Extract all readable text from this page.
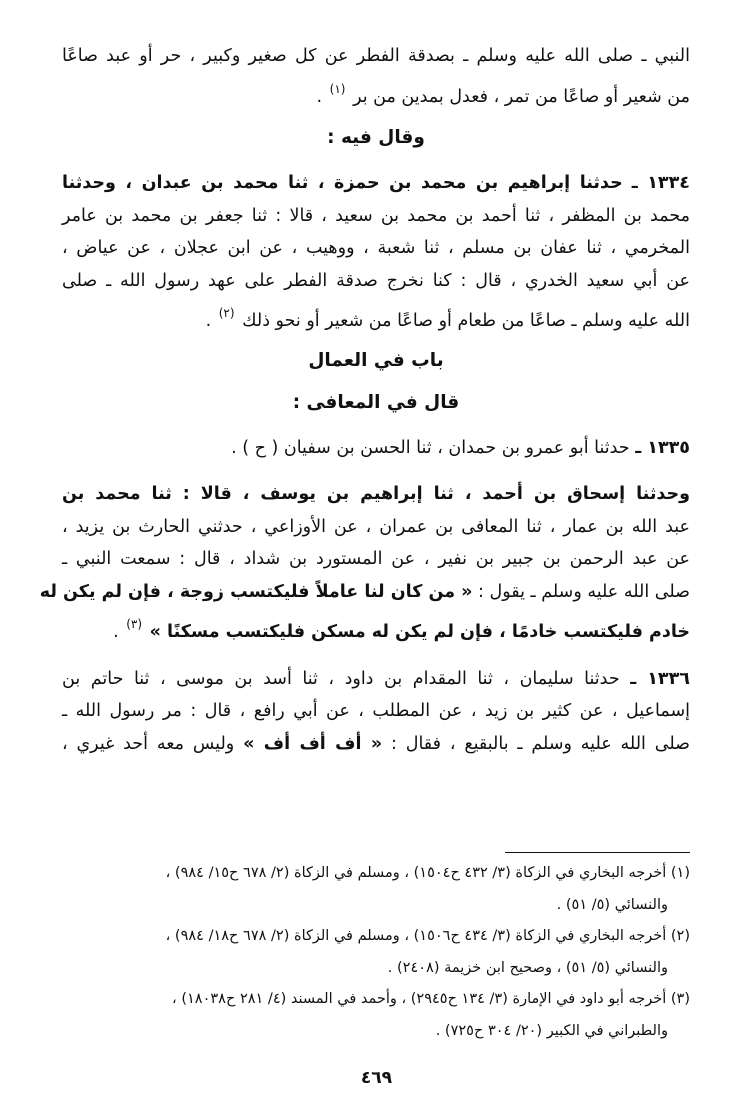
النبي ـ صلى الله عليه وسلم ـ بصدقة الفطر عن كل صغير وكبير ، حر أو عبد صاعًا
من شعير أو صاعًا من تمر ، فعدل بمدين من بر $^{(١)}$ .
وقال فيه :
١٣٣٤ ـ حدثنا إبراهيم بن محمد بن حمزة ، ثنا محمد بن عبدان ، وحدثنا
محمد بن المظفر ، ثنا أحمد بن محمد بن سعيد ، قالا : ثنا جعفر بن محمد بن عامر
المخرمي ، ثنا عفان بن مسلم ، ثنا شعبة ، ووهيب ، عن ابن عجلان ، عن عياض ،
عن أبي سعيد الخدري ، قال : كنا نخرج صدقة الفطر على عهد رسول الله ـ صلى
الله عليه وسلم ـ صاعًا من طعام أو صاعًا من شعير أو نحو ذلك $^{(٢)}$ .
باب في العمال
قال في المعافى :
١٣٣٥ ـ حدثنا أبو عمرو بن حمدان ، ثنا الحسن بن سفيان ( ح ) .
وحدثنا إسحاق بن أحمد ، ثنا إبراهيم بن يوسف ، قالا : ثنا محمد بن
عبد الله بن عمار ، ثنا المعافى بن عمران ، عن الأوزاعي ، حدثني الحارث بن يزيد ،
عن عبد الرحمن بن جبير بن نفير ، عن المستورد بن شداد ، قال : سمعت النبي ـ
صلى الله عليه وسلم ـ يقول : « من كان لنا عاملاً فليكتسب زوجة ، فإن لم يكن له
خادم فليكتسب خادمًا ، فإن لم يكن له مسكن فليكتسب مسكنًا » $^{(٣)}$ .
١٣٣٦ ـ حدثنا سليمان ، ثنا المقدام بن داود ، ثنا أسد بن موسى ، ثنا حاتم بن
إسماعيل ، عن كثير بن زيد ، عن المطلب ، عن أبي رافع ، قال : مر رسول الله ـ
صلى الله عليه وسلم ـ بالبقيع ، فقال : « أف أف أف » وليس معه أحد غيري ،
(١) أخرجه البخاري في الزكاة (٣/ ٤٣٢ ح١٥٠٤) ، ومسلم في الزكاة (٢/ ٦٧٨ ح١٥/ ٩٨٤) ،
والنسائي (٥/ ٥١) .
(٢) أخرجه البخاري في الزكاة (٣/ ٤٣٤ ح١٥٠٦) ، ومسلم في الزكاة (٢/ ٦٧٨ ح١٨/ ٩٨٤) ،
والنسائي (٥/ ٥١) ، وصحيح ابن خزيمة (٢٤٠٨) .
(٣) أخرجه أبو داود في الإمارة (٣/ ١٣٤ ح٢٩٤٥) ، وأحمد في المسند (٤/ ٢٨١ ح١٨٠٣٨) ،
والطبراني في الكبير (٢٠/ ٣٠٤ ح٧٢٥) .
٤٦٩
